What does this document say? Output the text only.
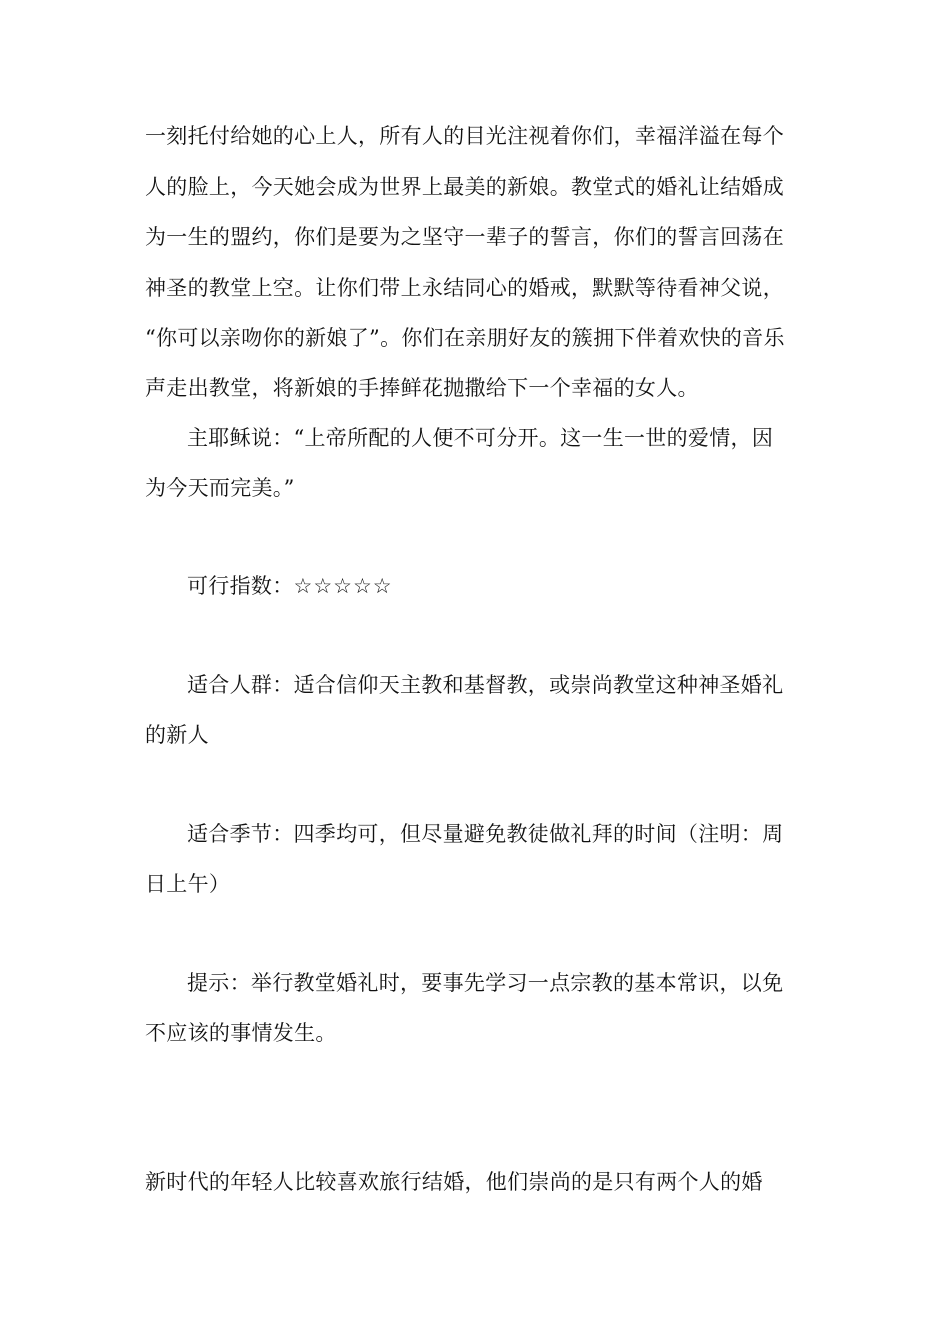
一刻托付给她的心上人，所有人的目光注视着你们，幸福洋溢在每个
人的脸上，今天她会成为世界上最美的新娘。教堂式的婚礼让结婚成
为一生的盟约，你们是要为之坚守一辈子的誓言，你们的誓言回荡在
神圣的教堂上空。让你们带上永结同心的婚戒，默默等待看神父说，
“你可以亲吻你的新娘了”。你们在亲朋好友的簇拥下伴着欢快的音乐
声走出教堂，将新娘的手捧鲜花抛撒给下一个幸福的女人。
主耶稣说：“上帝所配的人便不可分开。这一生一世的爱情，因
为今天而完美。”
可行指数：☆☆☆☆☆
适合人群：适合信仰天主教和基督教，或崇尚教堂这种神圣婚礼
的新人
适合季节：四季均可，但尽量避免教徒做礼拜的时间（注明：周
日上午）
提示：举行教堂婚礼时，要事先学习一点宗教的基本常识，以免
不应该的事情发生。
新时代的年轻人比较喜欢旅行结婚，他们崇尚的是只有两个人的婚
